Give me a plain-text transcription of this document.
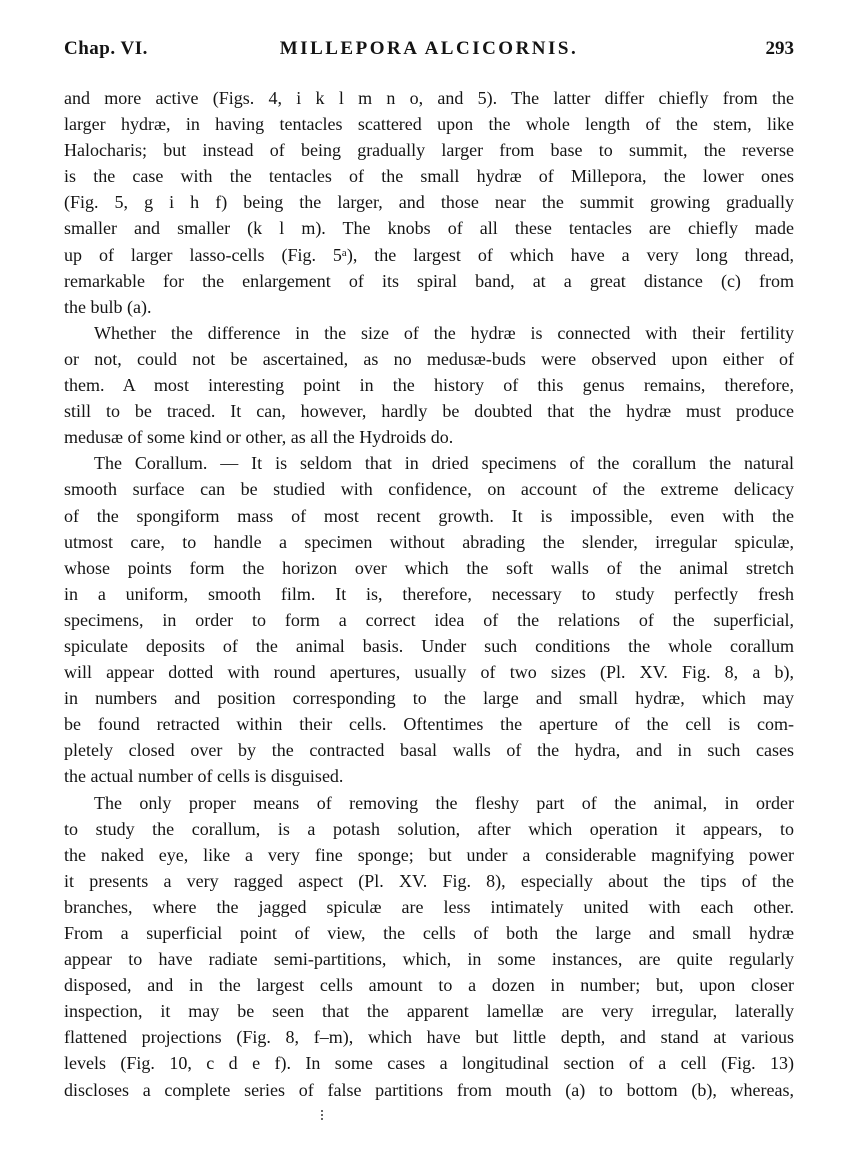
Chap. VI.	MILLEPORA ALCICORNIS.	293
and more active (Figs. 4, i k l m n o, and 5). The latter differ chiefly from the
larger hydræ, in having tentacles scattered upon the whole length of the stem, like
Halocharis; but instead of being gradually larger from base to summit, the reverse
is the case with the tentacles of the small hydræ of Millepora, the lower ones
(Fig. 5, g i h f) being the larger, and those near the summit growing gradually
smaller and smaller (k l m). The knobs of all these tentacles are chiefly made
up of larger lasso-cells (Fig. 5ᵃ), the largest of which have a very long thread,
remarkable for the enlargement of its spiral band, at a great distance (c) from
the bulb (a).
Whether the difference in the size of the hydræ is connected with their fertility
or not, could not be ascertained, as no medusæ-buds were observed upon either of
them. A most interesting point in the history of this genus remains, therefore,
still to be traced. It can, however, hardly be doubted that the hydræ must produce
medusæ of some kind or other, as all the Hydroids do.
The Corallum. — It is seldom that in dried specimens of the corallum the natural
smooth surface can be studied with confidence, on account of the extreme delicacy
of the spongiform mass of most recent growth. It is impossible, even with the
utmost care, to handle a specimen without abrading the slender, irregular spiculæ,
whose points form the horizon over which the soft walls of the animal stretch
in a uniform, smooth film. It is, therefore, necessary to study perfectly fresh
specimens, in order to form a correct idea of the relations of the superficial,
spiculate deposits of the animal basis. Under such conditions the whole corallum
will appear dotted with round apertures, usually of two sizes (Pl. XV. Fig. 8, a b),
in numbers and position corresponding to the large and small hydræ, which may
be found retracted within their cells. Oftentimes the aperture of the cell is com-
pletely closed over by the contracted basal walls of the hydra, and in such cases
the actual number of cells is disguised.
The only proper means of removing the fleshy part of the animal, in order
to study the corallum, is a potash solution, after which operation it appears, to
the naked eye, like a very fine sponge; but under a considerable magnifying power
it presents a very ragged aspect (Pl. XV. Fig. 8), especially about the tips of the
branches, where the jagged spiculæ are less intimately united with each other.
From a superficial point of view, the cells of both the large and small hydræ
appear to have radiate semi-partitions, which, in some instances, are quite regularly
disposed, and in the largest cells amount to a dozen in number; but, upon closer
inspection, it may be seen that the apparent lamellæ are very irregular, laterally
flattened projections (Fig. 8, f–m), which have but little depth, and stand at various
levels (Fig. 10, c d e f). In some cases a longitudinal section of a cell (Fig. 13)
discloses a complete series of false partitions from mouth (a) to bottom (b), whereas,
